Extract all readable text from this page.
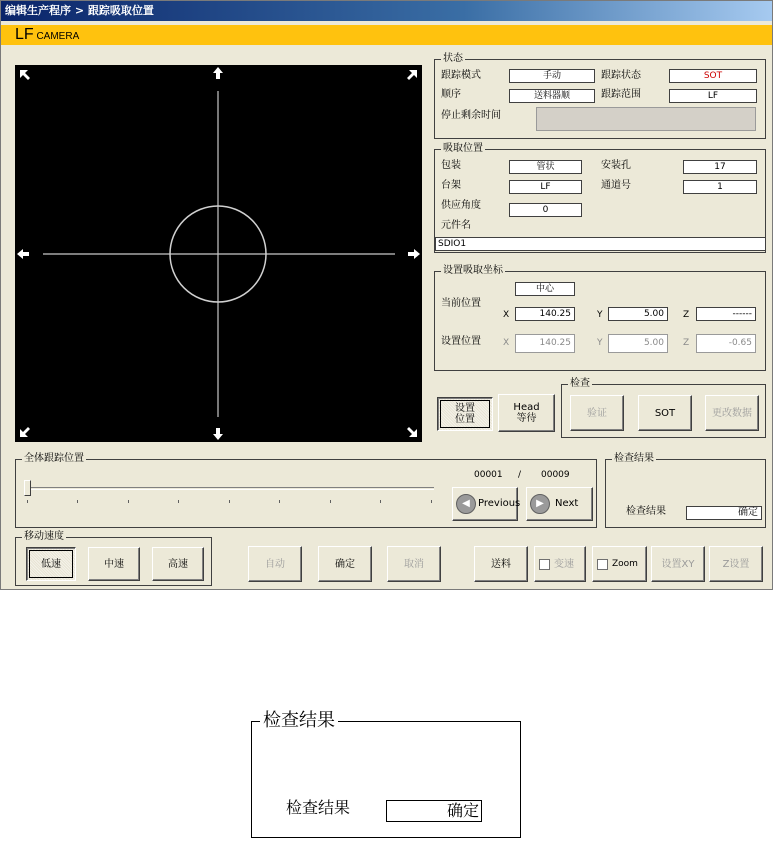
编辑生产程序 > 跟踪吸取位置
LF CAMERA
状态
跟踪模式	手动	跟踪状态	SOT
顺序	送料器顺	跟踪范围	LF
停止剩余时间
吸取位置
包装	管状	安装孔	17
台架	LF	通道号	1
供应角度	0
元件名
SDIO1
设置吸取坐标
中心
当前位置
X	140.25	Y	5.00	Z	------
设置位置 X	140.25	Y	5.00	Z	-0.65
设置
位置
Head
等待
检查
验证	SOT	更改数据
全体跟踪位置
00001 / 00009
◀ Previous	▶	Next
检查结果
检查结果	确定
移动速度
低速	中速	高速	自动	确定	取消	送料	变速	Zoom	设置XY	Z设置
检查结果
检查结果	确定
